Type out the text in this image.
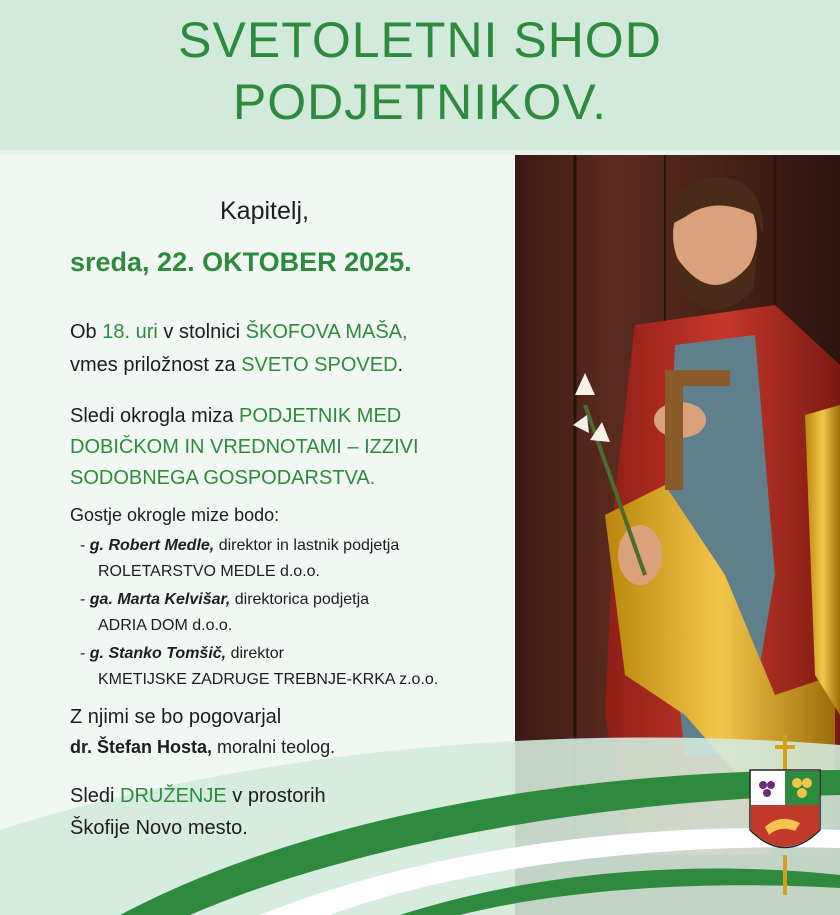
SVETOLETNI SHOD
PODJETNIKOV.
Kapitelj,
sreda, 22. OKTOBER 2025.
Ob 18. uri v stolnici ŠKOFOVA MAŠA,
vmes priložnost za SVETO SPOVED.
Sledi okrogla miza PODJETNIK MED
DOBIČKOM IN VREDNOTAMI – IZZIVI
SODOBNEGA GOSPODARSTVA.
Gostje okrogle mize bodo:
- g. Robert Medle, direktor in lastnik podjetja
ROLETARSTVO MEDLE d.o.o.
- ga. Marta Kelvišar, direktorica podjetja
ADRIA DOM d.o.o.
- g. Stanko Tomšič, direktor
KMETIJSKE ZADRUGE TREBNJE-KRKA z.o.o.
Z njimi se bo pogovarjal
dr. Štefan Hosta, moralni teolog.
Sledi DRUŽENJE v prostorih
Škofije Novo mesto.
